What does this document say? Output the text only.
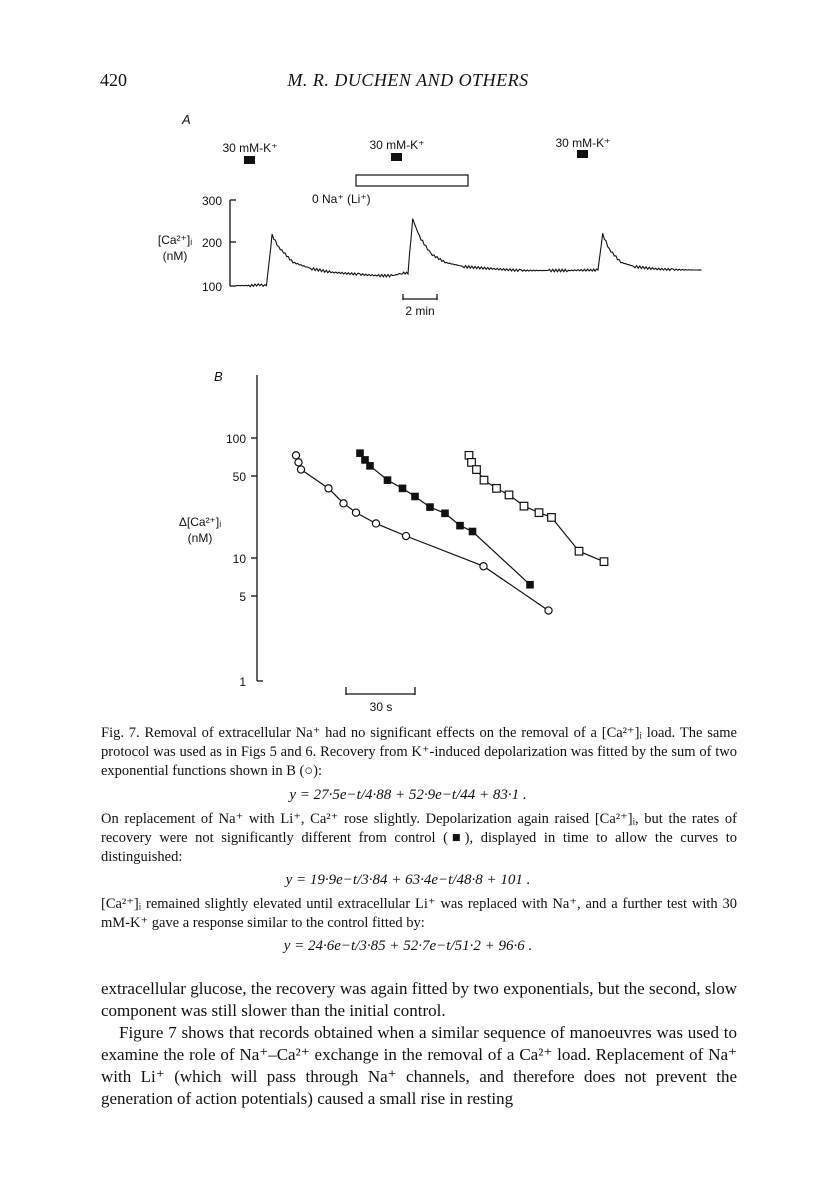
420	M. R. DUCHEN AND OTHERS
A
30 mM-K⁺	30 mM-K⁺	30 mM-K⁺
0 Na⁺ (Li⁺)
[Ca²⁺]ᵢ
(nM)
300
200
100
2 min
B
Δ[Ca²⁺]ᵢ
(nM)
100
50
10
5
1
30 s

Fig. 7. Removal of extracellular Na⁺ had no significant effects on the removal of a [Ca²⁺]ᵢ load. The same protocol was used as in Figs 5 and 6. Recovery from K⁺-induced depolarization was fitted by the sum of two exponential functions shown in B (○):

y = 27·5e−t/4·88 + 52·9e−t/44 + 83·1 .

On replacement of Na⁺ with Li⁺, Ca²⁺ rose slightly. Depolarization again raised [Ca²⁺]ᵢ, but the rates of recovery were not significantly different from control (■), displayed in time to allow the curves to distinguished:

y = 19·9e−t/3·84 + 63·4e−t/48·8 + 101 .

[Ca²⁺]ᵢ remained slightly elevated until extracellular Li⁺ was replaced with Na⁺, and a further test with 30 mM-K⁺ gave a response similar to the control fitted by:

y = 24·6e−t/3·85 + 52·7e−t/51·2 + 96·6 .

extracellular glucose, the recovery was again fitted by two exponentials, but the second, slow component was still slower than the initial control.

Figure 7 shows that records obtained when a similar sequence of manoeuvres was used to examine the role of Na⁺–Ca²⁺ exchange in the removal of a Ca²⁺ load. Replacement of Na⁺ with Li⁺ (which will pass through Na⁺ channels, and therefore does not prevent the generation of action potentials) caused a small rise in resting
